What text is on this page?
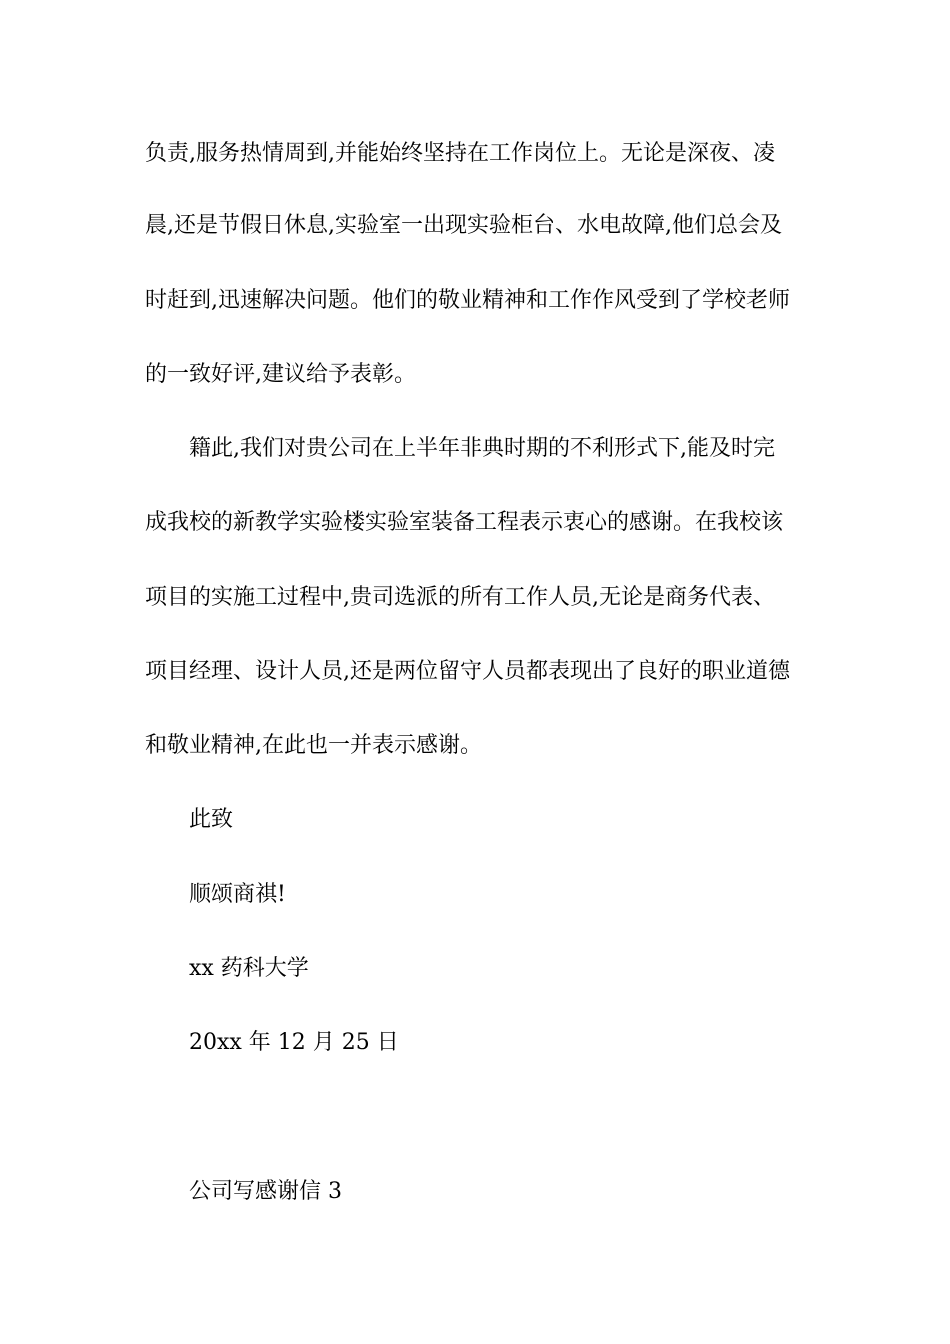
负责,服务热情周到,并能始终坚持在工作岗位上。无论是深夜、凌
晨,还是节假日休息,实验室一出现实验柜台、水电故障,他们总会及
时赶到,迅速解决问题。他们的敬业精神和工作作风受到了学校老师
的一致好评,建议给予表彰。
籍此,我们对贵公司在上半年非典时期的不利形式下,能及时完
成我校的新教学实验楼实验室装备工程表示衷心的感谢。在我校该
项目的实施工过程中,贵司选派的所有工作人员,无论是商务代表、
项目经理、设计人员,还是两位留守人员都表现出了良好的职业道德
和敬业精神,在此也一并表示感谢。
此致
顺颂商祺!
xx 药科大学
20xx 年 12 月 25 日
公司写感谢信 3
